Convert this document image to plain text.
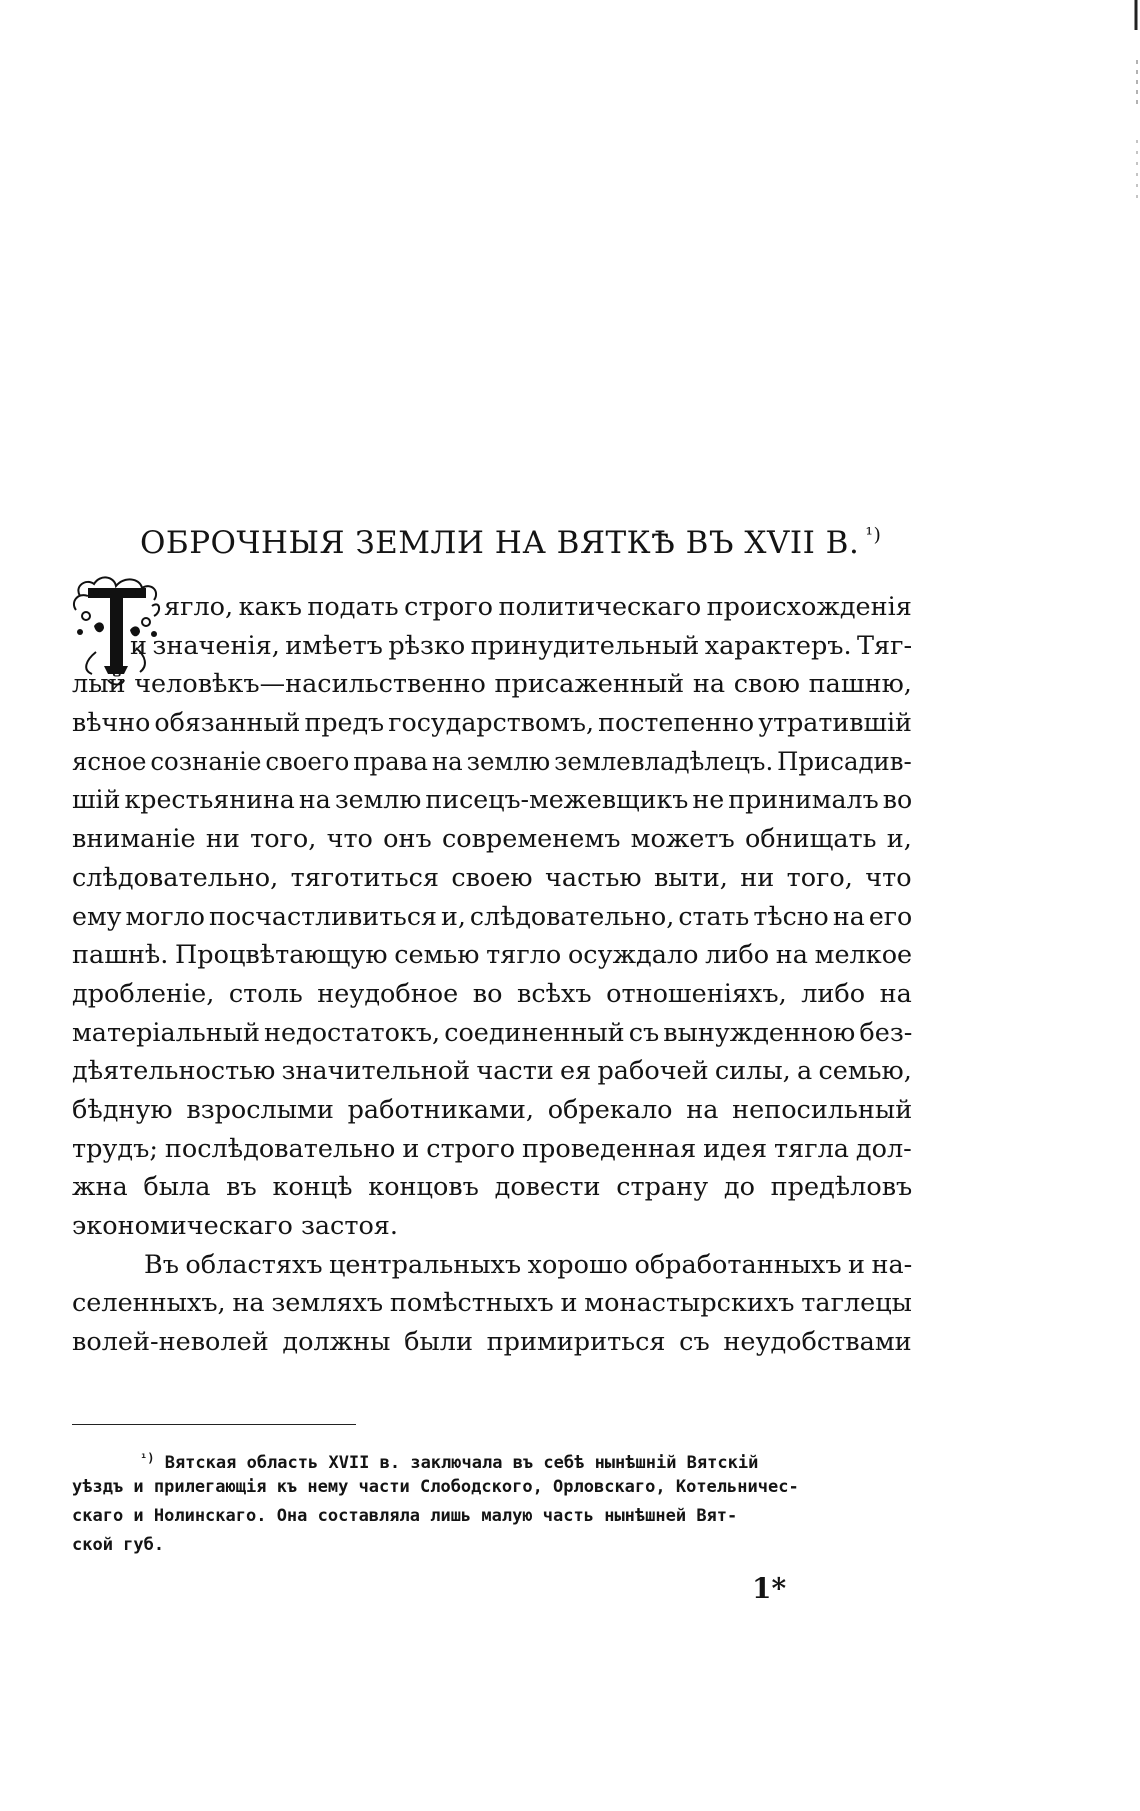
ОБРОЧНЫЯ ЗЕМЛИ НА ВЯТКѢ ВЪ XVII В. $^{^1)}$
Т
ягло, какъ подать строго политическаго происхожденія
и значенія, имѣетъ рѣзко принудительный характеръ. Тяг-
лый человѣкъ—насильственно присаженный на свою пашню,
вѣчно обязанный предъ государствомъ, постепенно утратившій
ясное сознаніе своего права на землю землевладѣлецъ. Присадив-
шій крестьянина на землю писецъ-межевщикъ не принималъ во
вниманіе ни того, что онъ современемъ можетъ обнищать и,
слѣдовательно, тяготиться своею частью выти, ни того, что
ему могло посчастливиться и, слѣдовательно, стать тѣсно на его
пашнѣ. Процвѣтающую семью тягло осуждало либо на мелкое
дробленіе, столь неудобное во всѣхъ отношеніяхъ, либо на
матеріальный недостатокъ, соединенный съ вынужденною без-
дѣятельностью значительной части ея рабочей силы, а семью,
бѣдную взрослыми работниками, обрекало на непосильный
трудъ; послѣдовательно и строго проведенная идея тягла дол-
жна была въ концѣ концовъ довести страну до предѣловъ
экономическаго застоя.
Въ областяхъ центральныхъ хорошо обработанныхъ и на-
селенныхъ, на земляхъ помѣстныхъ и монастырскихъ таглецы
волей-неволей должны были примириться съ неудобствами
$^{^1)}$ Вятская область XVII в. заключала въ себѣ нынѣшній Вятскій
уѣздъ и прилегающія къ нему части Слободского, Орловскаго, Котельничес-
скаго и Нолинскаго. Она составляла лишь малую часть нынѣшней Вят-
ской губ.
1*
